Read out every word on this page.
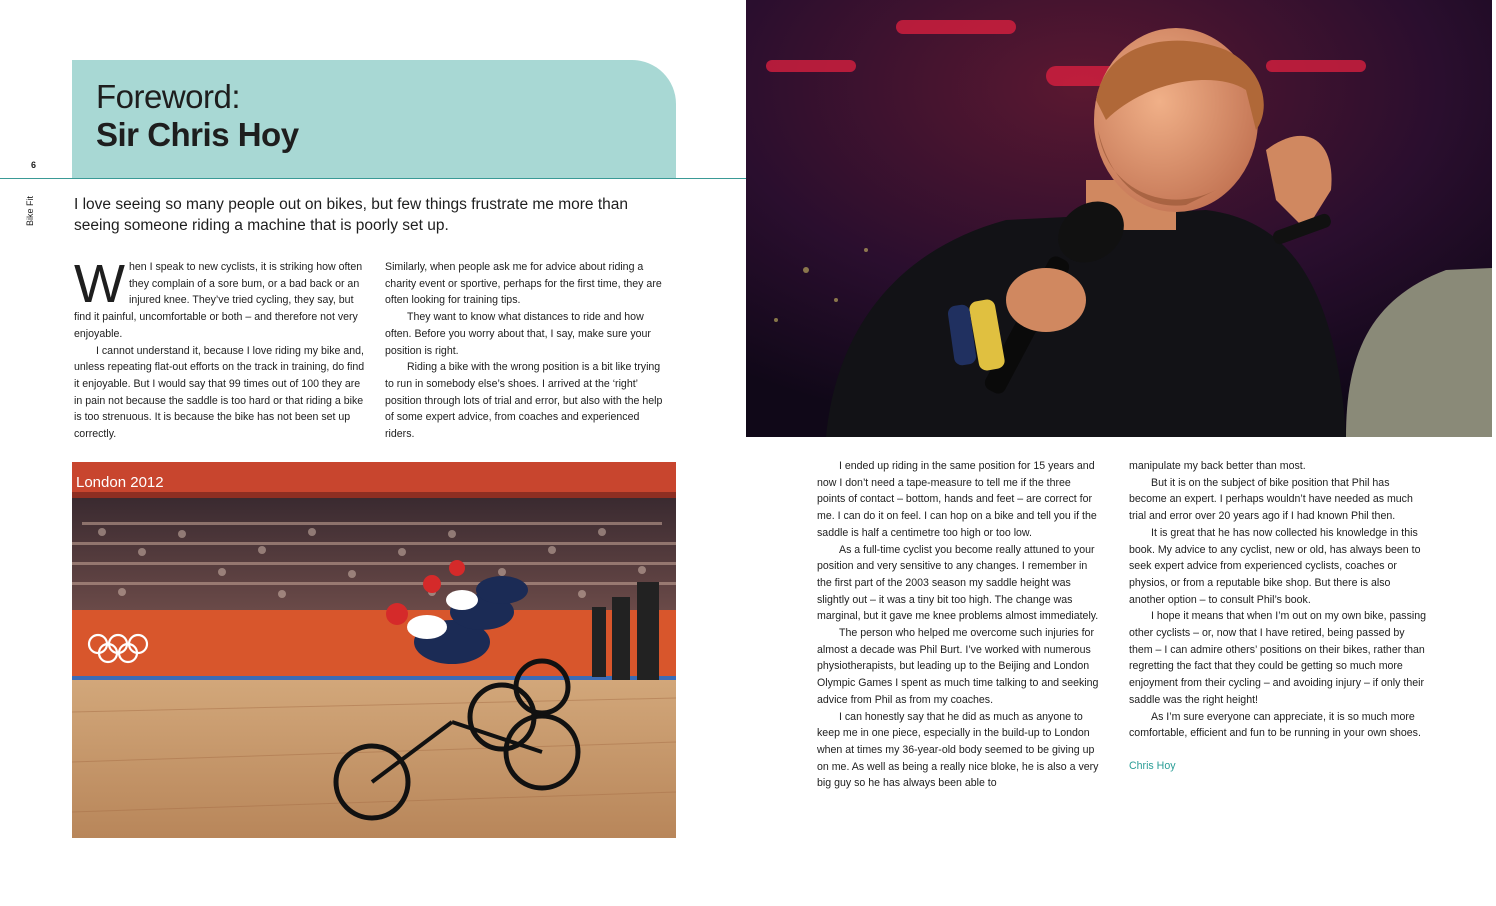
Foreword:
Sir Chris Hoy
6
Bike Fit	I love seeing so many people out on bikes, but few things frustrate me more than seeing someone riding a machine that is poorly set up.

When I speak to new cyclists, it is striking how often they complain of a sore bum, or a bad back or an injured knee. They’ve tried cycling, they say, but find it painful, uncomfortable or both – and therefore not very enjoyable.

I cannot understand it, because I love riding my bike and, unless repeating flat-out efforts on the track in training, do find it enjoyable. But I would say that 99 times out of 100 they are in pain not because the saddle is too hard or that riding a bike is too strenuous. It is because the bike has not been set up correctly.

Similarly, when people ask me for advice about riding a charity event or sportive, perhaps for the first time, they are often looking for training tips.

They want to know what distances to ride and how often. Before you worry about that, I say, make sure your position is right.

Riding a bike with the wrong position is a bit like trying to run in somebody else’s shoes. I arrived at the ‘right’ position through lots of trial and error, but also with the help of some expert advice, from coaches and experienced riders.

London 2012

I ended up riding in the same position for 15 years and now I don’t need a tape-measure to tell me if the three points of contact – bottom, hands and feet – are correct for me. I can do it on feel. I can hop on a bike and tell you if the saddle is half a centimetre too high or too low.

As a full-time cyclist you become really attuned to your position and very sensitive to any changes. I remember in the first part of the 2003 season my saddle height was slightly out – it was a tiny bit too high. The change was marginal, but it gave me knee problems almost immediately.

The person who helped me overcome such injuries for almost a decade was Phil Burt. I’ve worked with numerous physiotherapists, but leading up to the Beijing and London Olympic Games I spent as much time talking to and seeking advice from Phil as from my coaches.

I can honestly say that he did as much as anyone to keep me in one piece, especially in the build-up to London when at times my 36-year-old body seemed to be giving up on me. As well as being a really nice bloke, he is also a very big guy so he has always been able to

manipulate my back better than most.

But it is on the subject of bike position that Phil has become an expert. I perhaps wouldn’t have needed as much trial and error over 20 years ago if I had known Phil then.

It is great that he has now collected his knowledge in this book. My advice to any cyclist, new or old, has always been to seek expert advice from experienced cyclists, coaches or physios, or from a reputable bike shop. But there is also another option – to consult Phil’s book.

I hope it means that when I’m out on my own bike, passing other cyclists – or, now that I have retired, being passed by them – I can admire others’ positions on their bikes, rather than regretting the fact that they could be getting so much more enjoyment from their cycling – and avoiding injury – if only their saddle was the right height!

As I’m sure everyone can appreciate, it is so much more comfortable, efficient and fun to be running in your own shoes.

Chris Hoy
